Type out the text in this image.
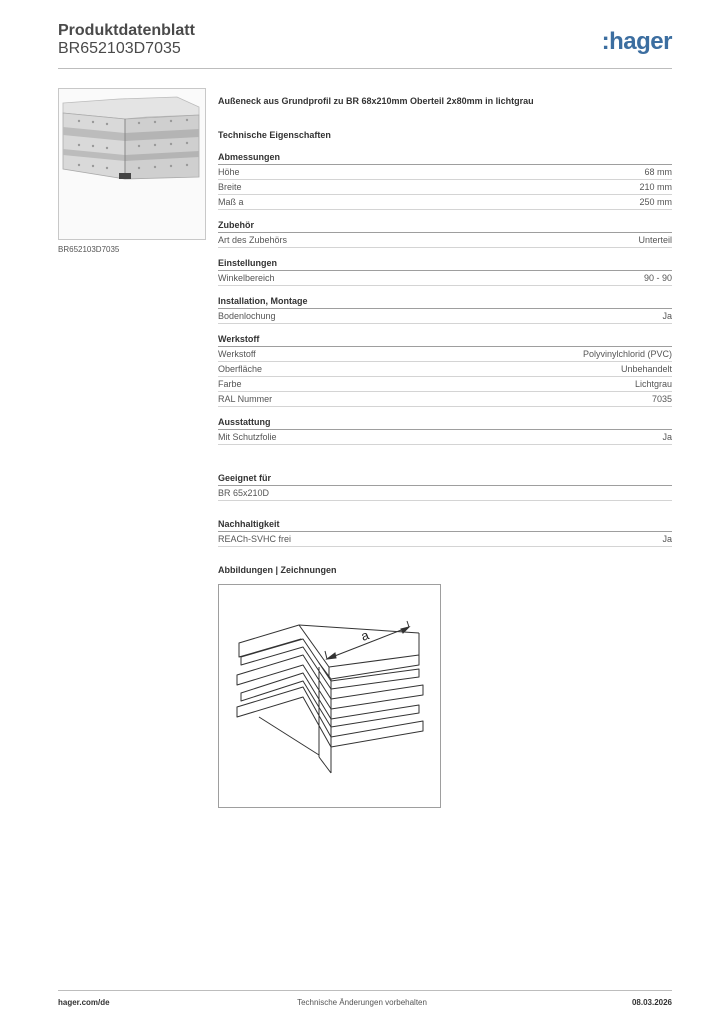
Produktdatenblatt
BR652103D7035	:hager
BR652103D7035
Außeneck aus Grundprofil zu BR 68x210mm Oberteil 2x80mm in lichtgrau
Technische Eigenschaften
Abmessungen
Höhe	68 mm
Breite	210 mm
Maß a	250 mm
Zubehör
Art des Zubehörs	Unterteil
Einstellungen
Winkelbereich	90 - 90
Installation, Montage
Bodenlochung	Ja
Werkstoff
Werkstoff	Polyvinylchlorid (PVC)
Oberfläche	Unbehandelt
Farbe	Lichtgrau
RAL Nummer	7035
Ausstattung
Mit Schutzfolie	Ja
Geeignet für
BR 65x210D
Nachhaltigkeit
REACh-SVHC frei	Ja
Abbildungen | Zeichnungen
a
hager.com/de	Technische Änderungen vorbehalten	08.03.2026
